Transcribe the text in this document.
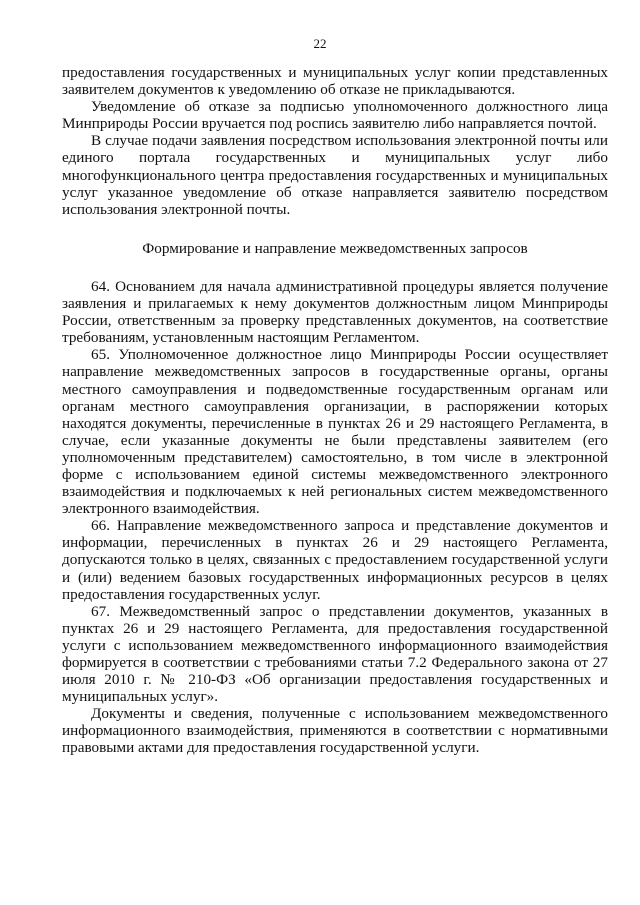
22

предоставления государственных и муниципальных услуг копии представленных заявителем документов к уведомлению об отказе не прикладываются.

Уведомление об отказе за подписью уполномоченного должностного лица Минприроды России вручается под роспись заявителю либо направляется почтой.

В случае подачи заявления посредством использования электронной почты или единого портала государственных и муниципальных услуг либо многофункционального центра предоставления государственных и муниципальных услуг указанное уведомление об отказе направляется заявителю посредством использования электронной почты.

Формирование и направление межведомственных запросов

64. Основанием для начала административной процедуры является получение заявления и прилагаемых к нему документов должностным лицом Минприроды России, ответственным за проверку представленных документов, на соответствие требованиям, установленным настоящим Регламентом.

65. Уполномоченное должностное лицо Минприроды России осуществляет направление межведомственных запросов в государственные органы, органы местного самоуправления и подведомственные государственным органам или органам местного самоуправления организации, в распоряжении которых находятся документы, перечисленные в пунктах 26 и 29 настоящего Регламента, в случае, если указанные документы не были представлены заявителем (его уполномоченным представителем) самостоятельно, в том числе в электронной форме с использованием единой системы межведомственного электронного взаимодействия и подключаемых к ней региональных систем межведомственного электронного взаимодействия.

66. Направление межведомственного запроса и представление документов и информации, перечисленных в пунктах 26 и 29 настоящего Регламента, допускаются только в целях, связанных с предоставлением государственной услуги и (или) ведением базовых государственных информационных ресурсов в целях предоставления государственных услуг.

67. Межведомственный запрос о представлении документов, указанных в пунктах 26 и 29 настоящего Регламента, для предоставления государственной услуги с использованием межведомственного информационного взаимодействия формируется в соответствии с требованиями статьи 7.2 Федерального закона от 27 июля 2010 г. № 210-ФЗ «Об организации предоставления государственных и муниципальных услуг».

Документы и сведения, полученные с использованием межведомственного информационного взаимодействия, применяются в соответствии с нормативными правовыми актами для предоставления государственной услуги.
